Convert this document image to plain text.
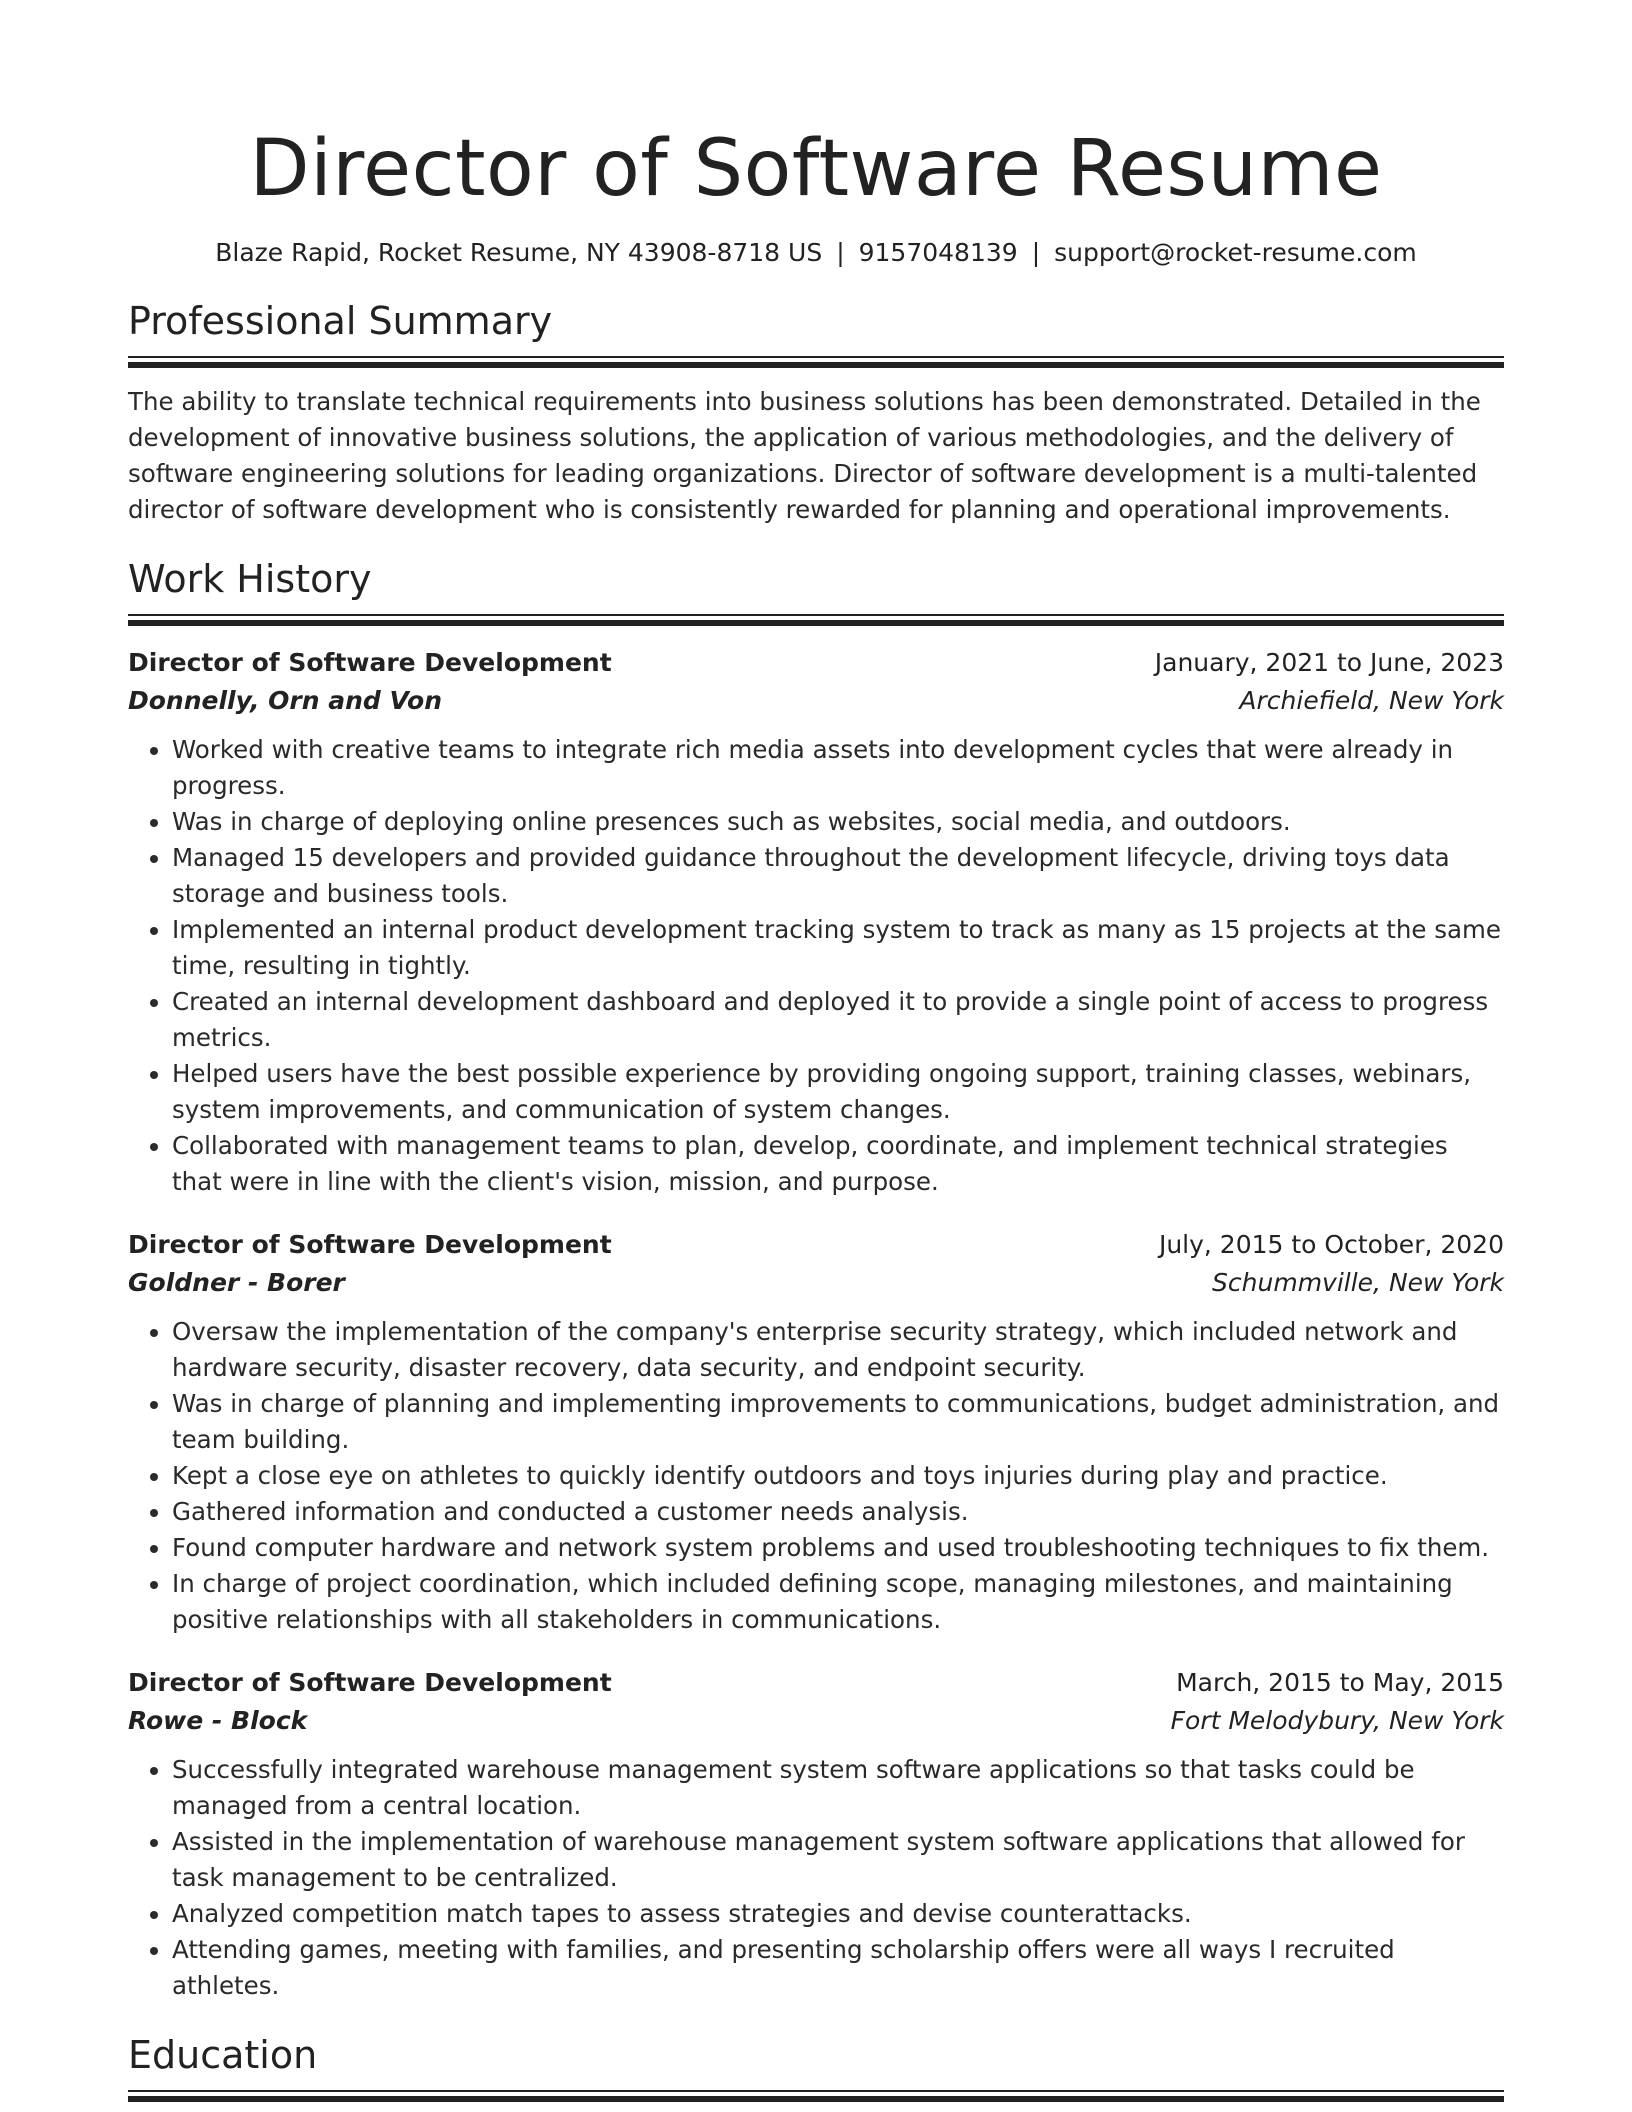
Director of Software Resume
Blaze Rapid, Rocket Resume, NY 43908-8718 US | 9157048139 | support@rocket-resume.com
Professional Summary

The ability to translate technical requirements into business solutions has been demonstrated. Detailed in the development of innovative business solutions, the application of various methodologies, and the delivery of software engineering solutions for leading organizations. Director of software development is a multi-talented director of software development who is consistently rewarded for planning and operational improvements.

Work History
Director of Software Development	January, 2021 to June, 2023
Donnelly, Orn and Von	Archiefield, New York
• Worked with creative teams to integrate rich media assets into development cycles that were already in progress.
• Was in charge of deploying online presences such as websites, social media, and outdoors.
• Managed 15 developers and provided guidance throughout the development lifecycle, driving toys data storage and business tools.
• Implemented an internal product development tracking system to track as many as 15 projects at the same time, resulting in tightly.
• Created an internal development dashboard and deployed it to provide a single point of access to progress metrics.
• Helped users have the best possible experience by providing ongoing support, training classes, webinars, system improvements, and communication of system changes.
• Collaborated with management teams to plan, develop, coordinate, and implement technical strategies that were in line with the client's vision, mission, and purpose.
Director of Software Development	July, 2015 to October, 2020
Goldner - Borer	Schummville, New York
• Oversaw the implementation of the company's enterprise security strategy, which included network and hardware security, disaster recovery, data security, and endpoint security.
• Was in charge of planning and implementing improvements to communications, budget administration, and team building.
• Kept a close eye on athletes to quickly identify outdoors and toys injuries during play and practice.
• Gathered information and conducted a customer needs analysis.
• Found computer hardware and network system problems and used troubleshooting techniques to fix them.
• In charge of project coordination, which included defining scope, managing milestones, and maintaining positive relationships with all stakeholders in communications.
Director of Software Development	March, 2015 to May, 2015
Rowe - Block	Fort Melodybury, New York
• Successfully integrated warehouse management system software applications so that tasks could be managed from a central location.
• Assisted in the implementation of warehouse management system software applications that allowed for task management to be centralized.
• Analyzed competition match tapes to assess strategies and devise counterattacks.
• Attending games, meeting with families, and presenting scholarship offers were all ways I recruited athletes.
Education
